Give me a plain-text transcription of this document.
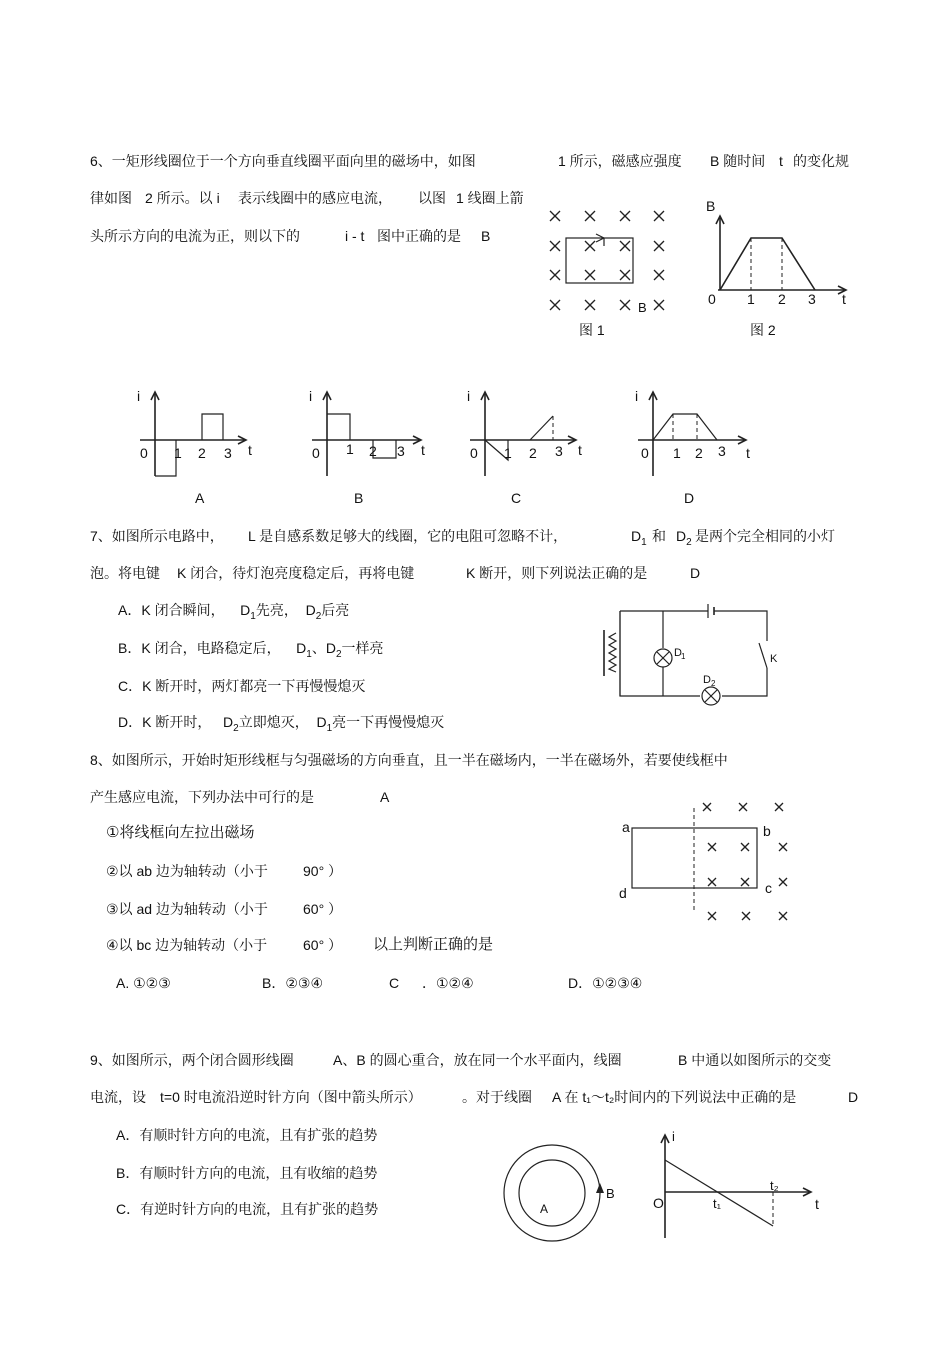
6、一矩形线圈位于一个方向垂直线圈平面向里的磁场中，如图	1 所示，磁感应强度 B 随时间 t 的变化规
律如图 2 所示。以 i 表示线圈中的感应电流， 以图 1 线圈上箭
头所示方向的电流为正，则以下的	i - t 图中正确的是 B
B
图 1
B
t
0 1 2 3
图 2
i
t
0 1 2 3
i
t
0 1 2 3
i
t
0 1 2 3
i
t
0 1 2 3
A	B	C	D
7、如图所示电路中， L 是自感系数足够大的线圈，它的电阻可忽略不计，	$D_1$ 和 $D_2$ 是两个完全相同的小灯
泡。将电键 K 闭合，待灯泡亮度稳定后，再将电键	K 断开，则下列说法正确的是	D
A．K 闭合瞬间， $D_1$先亮， $D_2$后亮
B．K 闭合，电路稳定后， $D_1$、$D_2$一样亮
C．K 断开时，两灯都亮一下再慢慢熄灭
D．K 断开时， $D_2$立即熄灭， $D_1$亮一下再慢慢熄灭
D 1
D 2
K
8、如图所示，开始时矩形线框与匀强磁场的方向垂直，且一半在磁场内，一半在磁场外，若要使线框中
产生感应电流，下列办法中可行的是	A
①将线框向左拉出磁场
②以 ab 边为轴转动（小于	90° ）
③以 ad 边为轴转动（小于	60° ）
④以 bc 边为轴转动（小于	60° ） 以上判断正确的是
A. ①②③	B．②③④	C ．①②④	D．①②③④
a	b
c
d
9、如图所示，两个闭合圆形线圈	A、B 的圆心重合，放在同一个水平面内，线圈	B 中通以如图所示的交变
电流，设 t=0 时电流沿逆时针方向（图中箭头所示）	。对于线圈 A 在 t₁～t₂时间内的下列说法中正确的是	D
A．有顺时针方向的电流，且有扩张的趋势
B．有顺时针方向的电流，且有收缩的趋势
C．有逆时针方向的电流，且有扩张的趋势	A
B
i
t
O	t₁
t₂
